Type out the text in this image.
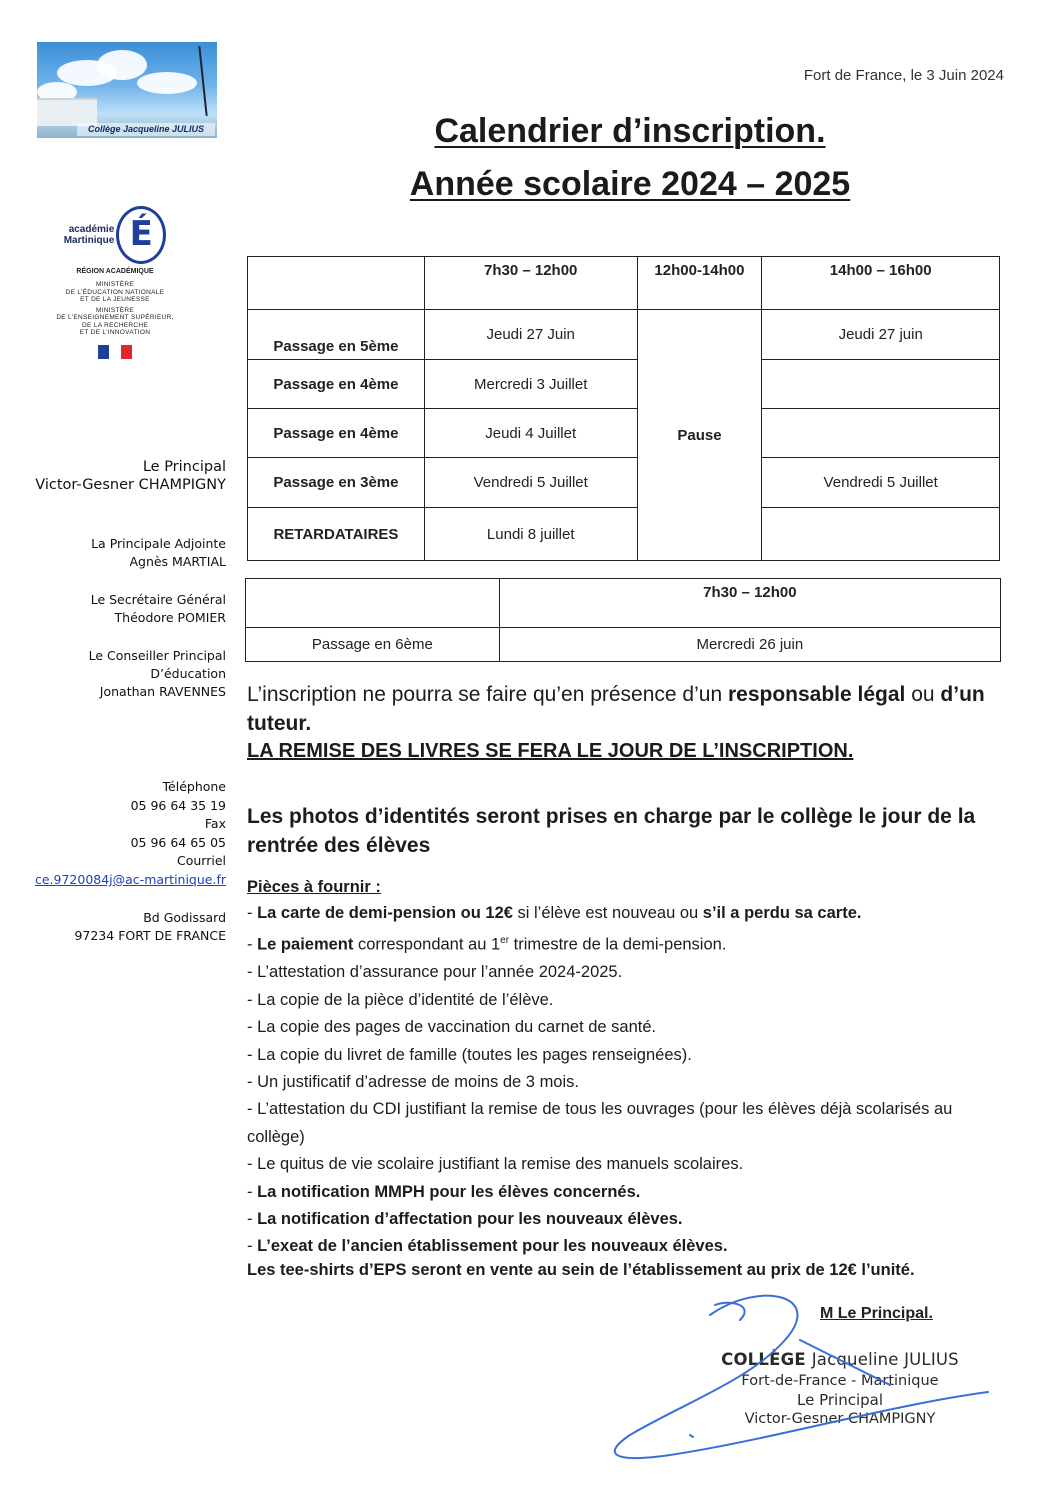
Collège Jacqueline JULIUS
Fort de France, le 3 Juin 2024
Calendrier d’inscription.
Année scolaire 2024 – 2025
académie
Martinique É
RÉGION ACADÉMIQUE
MINISTÈRE
DE L’ÉDUCATION NATIONALE
ET DE LA JEUNESSE
MINISTÈRE
DE L’ENSEIGNEMENT SUPÉRIEUR,
DE LA RECHERCHE
ET DE L’INNOVATION
Le Principal
Victor-Gesner CHAMPIGNY
La Principale Adjointe
Agnès MARTIAL
Le Secrétaire Général
Théodore POMIER
Le Conseiller Principal
D’éducation
Jonathan RAVENNES
Téléphone
05 96 64 35 19
Fax
05 96 64 65 05
Courriel
ce.9720084j@ac-martinique.fr
Bd Godissard
97234 FORT DE FRANCE
	7h30 – 12h00	12h00-14h00	14h00 – 16h00
Passage en 5ème	Jeudi 27 Juin	Pause	Jeudi 27 juin
Passage en 4ème	Mercredi 3 Juillet		
Passage en 4ème	Jeudi 4 Juillet		
Passage en 3ème	Vendredi 5 Juillet		Vendredi 5 Juillet
RETARDATAIRES	Lundi 8 juillet		
	7h30 – 12h00
Passage en 6ème	Mercredi 26 juin
L’inscription ne pourra se faire qu’en présence d’un responsable légal ou d’un tuteur.
LA REMISE DES LIVRES SE FERA LE JOUR DE L’INSCRIPTION.
Les photos d’identités seront prises en charge par le collège le jour de la rentrée des élèves
Pièces à fournir :
- La carte de demi-pension ou 12€ si l’élève est nouveau ou s’il a perdu sa carte.
- Le paiement correspondant au 1er trimestre de la demi-pension.
- L’attestation d’assurance pour l’année 2024-2025.
- La copie de la pièce d’identité de l’élève.
- La copie des pages de vaccination du carnet de santé.
- La copie du livret de famille (toutes les pages renseignées).
- Un justificatif d’adresse de moins de 3 mois.
- L’attestation du CDI justifiant la remise de tous les ouvrages (pour les élèves déjà scolarisés au collège)
- Le quitus de vie scolaire justifiant la remise des manuels scolaires.
- La notification MMPH pour les élèves concernés.
- La notification d’affectation pour les nouveaux élèves.
- L’exeat de l’ancien établissement pour les nouveaux élèves.
Les tee-shirts d’EPS seront en vente au sein de l’établissement au prix de 12€ l’unité.
M Le Principal.
COLLÈGE Jacqueline JULIUS
Fort-de-France - Martinique
Le Principal
Victor-Gesner CHAMPIGNY
